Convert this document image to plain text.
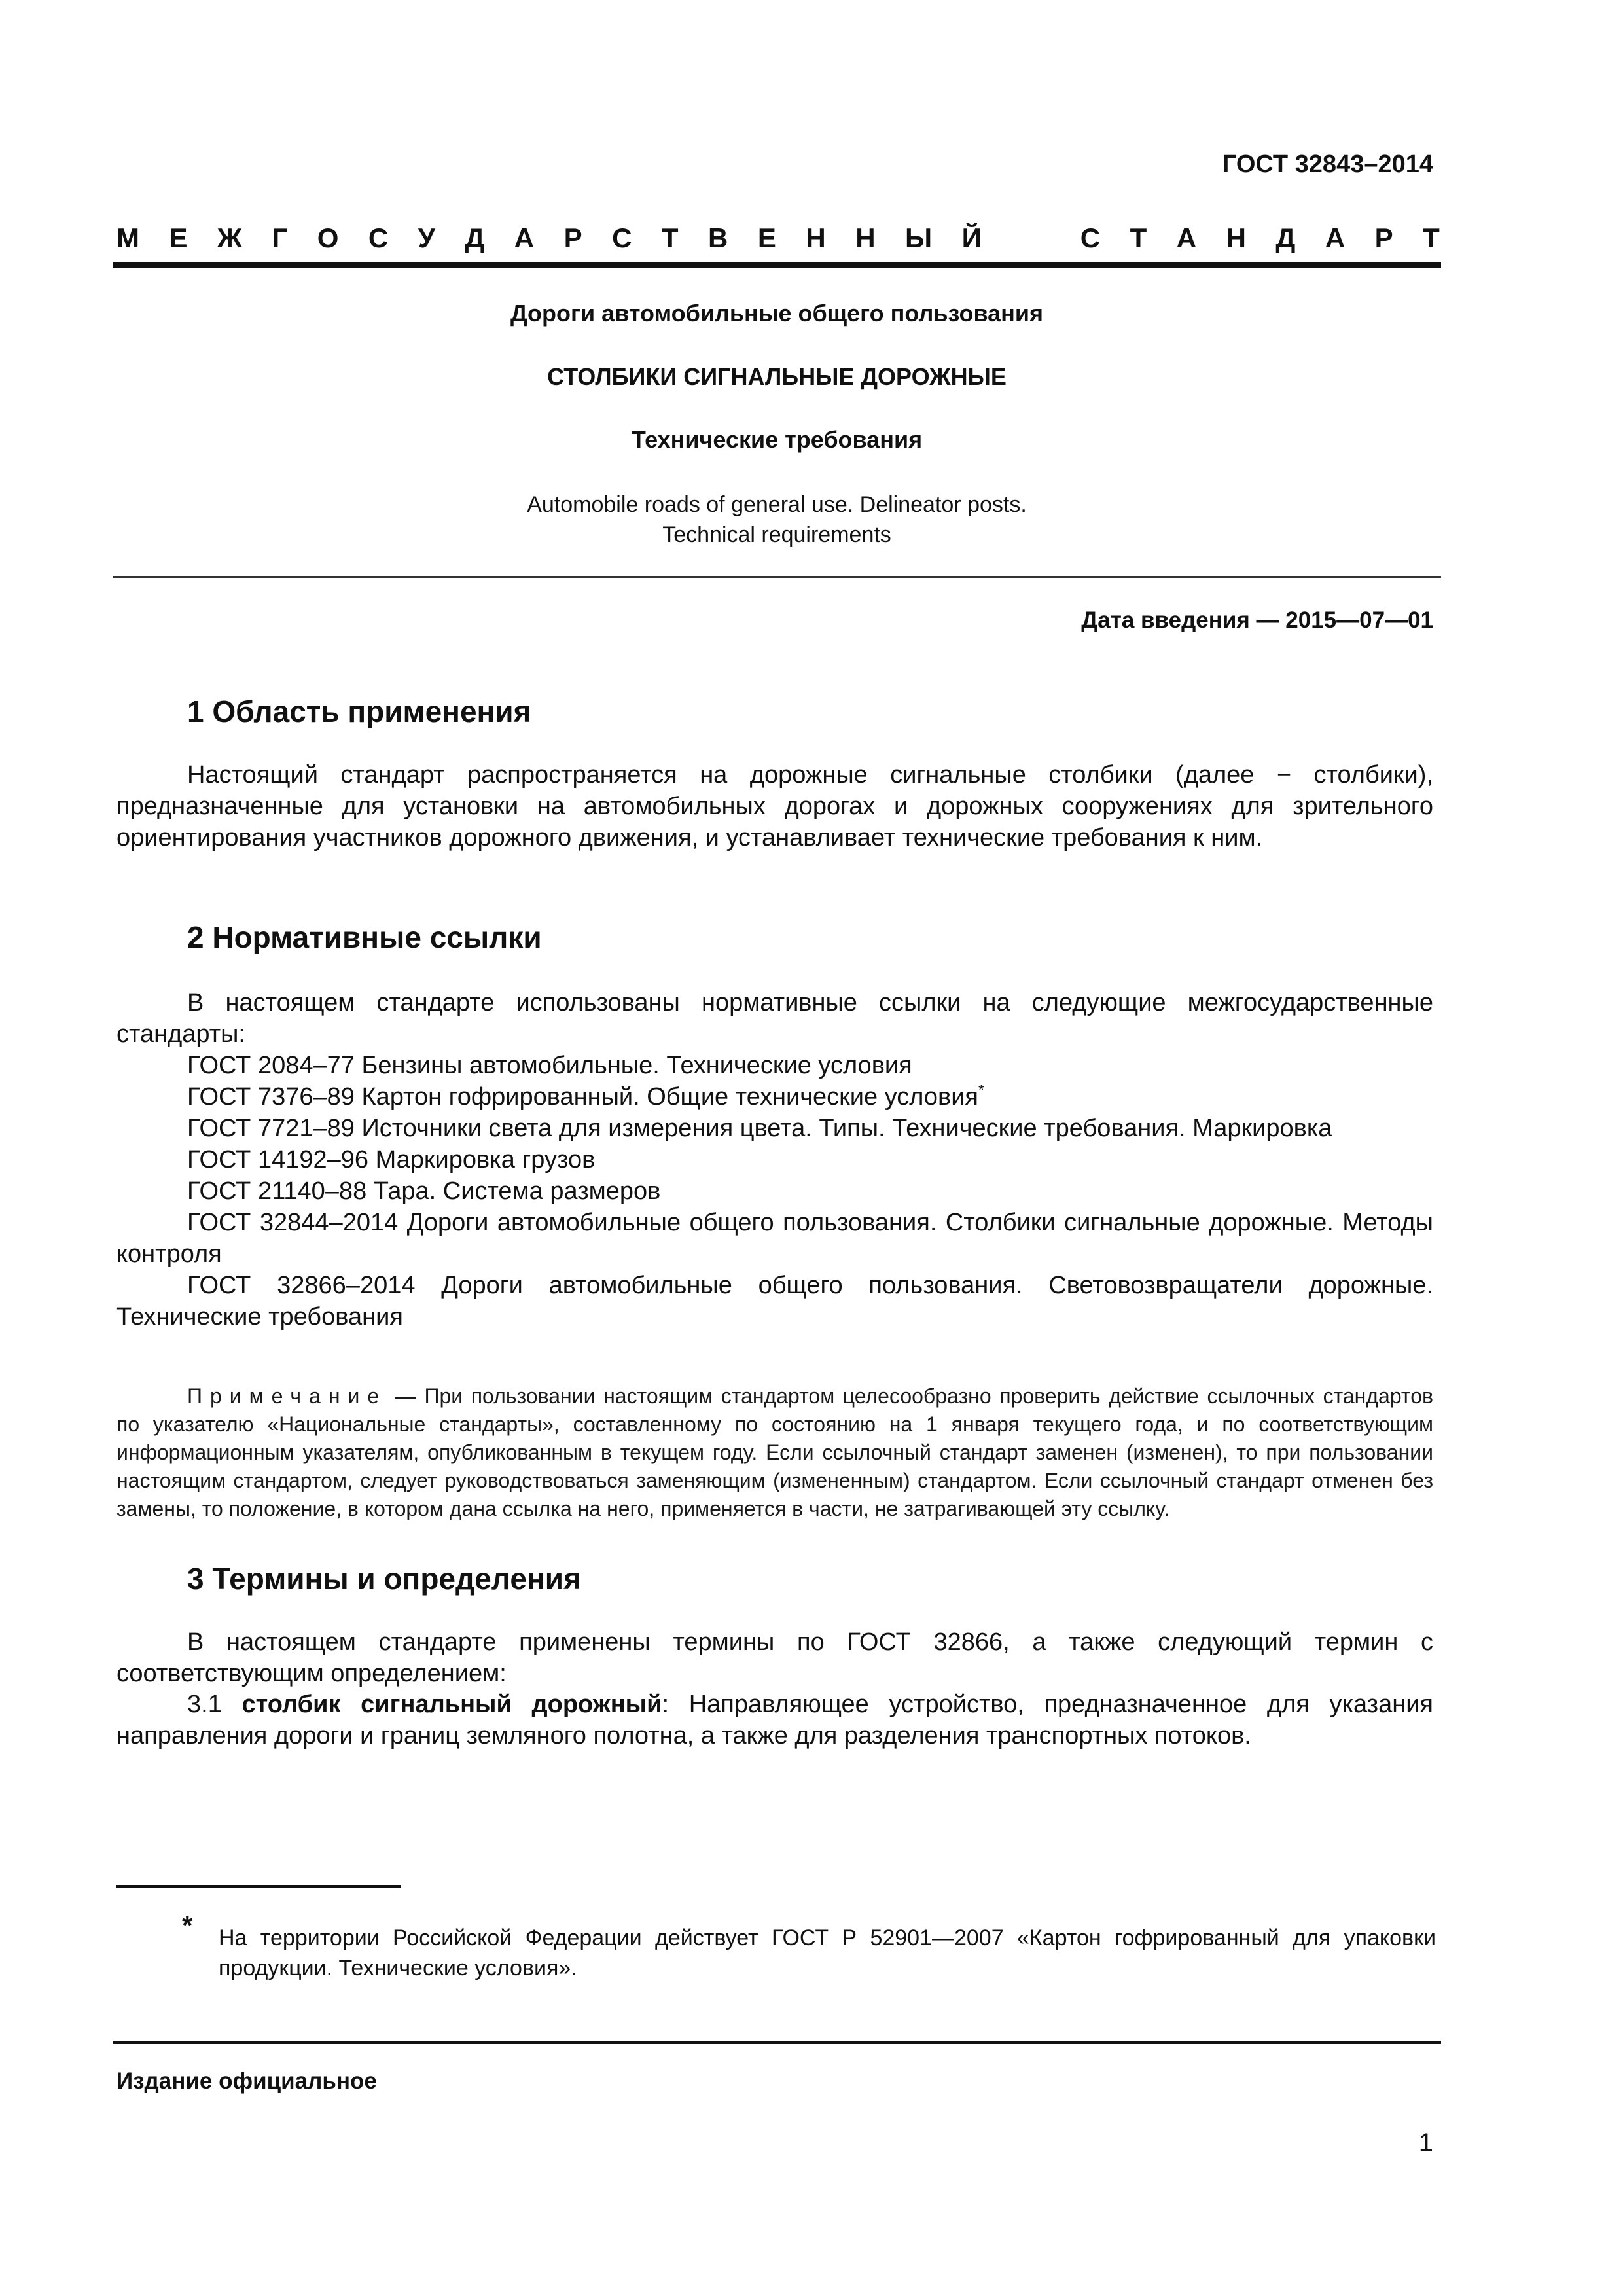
ГОСТ 32843–2014
М Е Ж Г О С У Д А Р С Т В Е Н Н Ы Й	С Т А Н Д А Р Т
Дороги автомобильные общего пользования
СТОЛБИКИ СИГНАЛЬНЫЕ ДОРОЖНЫЕ
Технические требования
Automobile roads of general use. Delineator posts.
Technical requirements
Дата введения — 2015—07—01
1 Область применения
Настоящий стандарт распространяется на дорожные сигнальные столбики (далее − столбики), предназначенные для установки на автомобильных дорогах и дорожных сооружениях для зрительного ориентирования участников дорожного движения, и устанавливает технические требования к ним.
2 Нормативные ссылки
В настоящем стандарте использованы нормативные ссылки на следующие межгосударственные стандарты:
ГОСТ 2084–77 Бензины автомобильные. Технические условия
ГОСТ 7376–89 Картон гофрированный. Общие технические условия*
ГОСТ 7721–89 Источники света для измерения цвета. Типы. Технические требования. Маркировка
ГОСТ 14192–96 Маркировка грузов
ГОСТ 21140–88 Тара. Система размеров
ГОСТ 32844–2014 Дороги автомобильные общего пользования. Столбики сигнальные дорожные. Методы контроля
ГОСТ 32866–2014 Дороги автомобильные общего пользования. Световозвращатели дорожные. Технические требования
Примечание — При пользовании настоящим стандартом целесообразно проверить действие ссылочных стандартов по указателю «Национальные стандарты», составленному по состоянию на 1 января текущего года, и по соответствующим информационным указателям, опубликованным в текущем году. Если ссылочный стандарт заменен (изменен), то при пользовании настоящим стандартом, следует руководствоваться заменяющим (измененным) стандартом. Если ссылочный стандарт отменен без замены, то положение, в котором дана ссылка на него, применяется в части, не затрагивающей эту ссылку.
3 Термины и определения
В настоящем стандарте применены термины по ГОСТ 32866, а также следующий термин с соответствующим определением:
3.1 столбик сигнальный дорожный: Направляющее устройство, предназначенное для указания направления дороги и границ земляного полотна, а также для разделения транспортных потоков.
* На территории Российской Федерации действует ГОСТ Р 52901—2007 «Картон гофрированный для упаковки продукции. Технические условия».
Издание официальное
1
